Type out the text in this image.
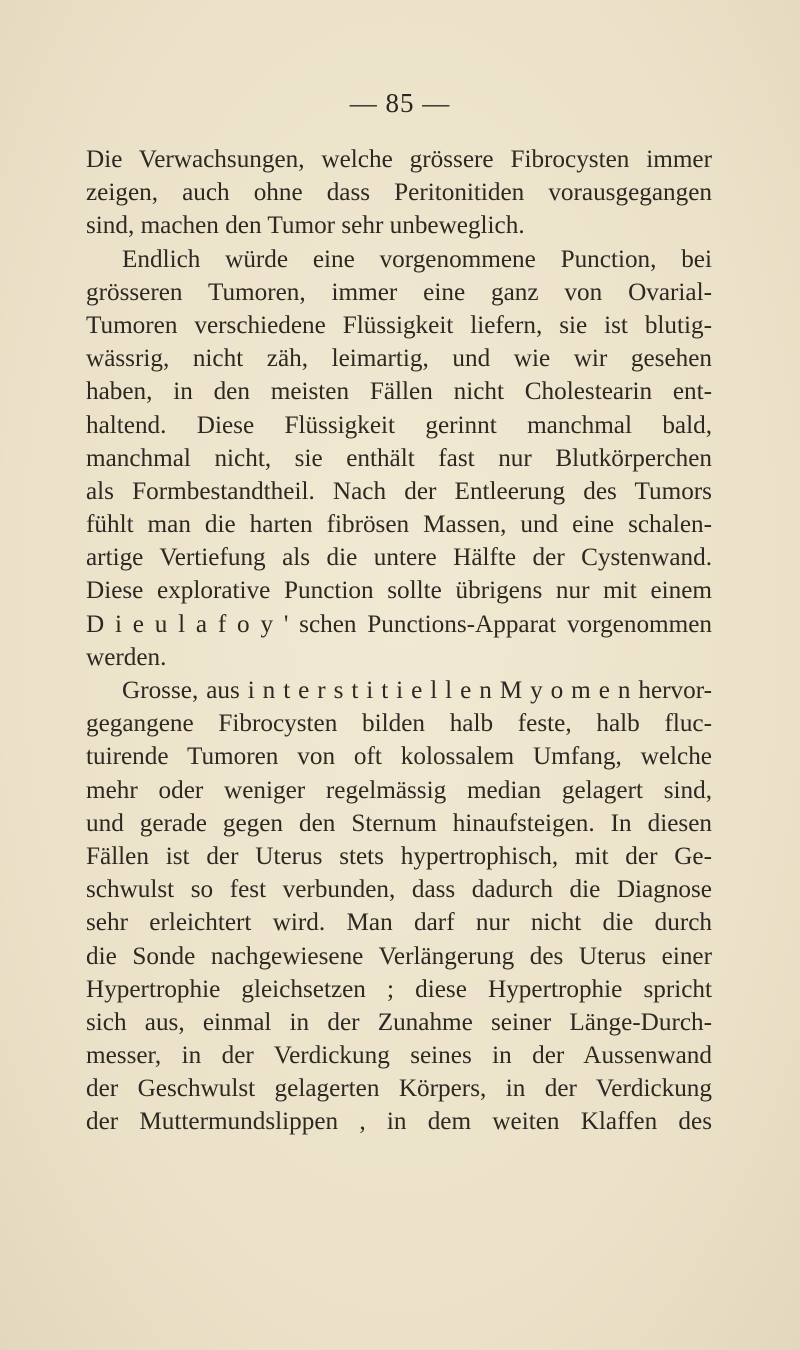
— 85 —
Die Verwachsungen, welche grössere Fibrocysten immer
zeigen, auch ohne dass Peritonitiden vorausgegangen
sind, machen den Tumor sehr unbeweglich.
Endlich würde eine vorgenommene Punction, bei
grösseren Tumoren, immer eine ganz von Ovarial-
Tumoren verschiedene Flüssigkeit liefern, sie ist blutig-
wässrig, nicht zäh, leimartig, und wie wir gesehen
haben, in den meisten Fällen nicht Cholestearin ent-
haltend. Diese Flüssigkeit gerinnt manchmal bald,
manchmal nicht, sie enthält fast nur Blutkörperchen
als Formbestandtheil. Nach der Entleerung des Tumors
fühlt man die harten fibrösen Massen, und eine schalen-
artige Vertiefung als die untere Hälfte der Cystenwand.
Diese explorative Punction sollte übrigens nur mit einem
D i e u l a f o y ' schen Punctions-Apparat vorgenommen
werden.
Grosse, aus i n t e r s t i t i e l l e n M y o m e n hervor-
gegangene Fibrocysten bilden halb feste, halb fluc-
tuirende Tumoren von oft kolossalem Umfang, welche
mehr oder weniger regelmässig median gelagert sind,
und gerade gegen den Sternum hinaufsteigen. In diesen
Fällen ist der Uterus stets hypertrophisch, mit der Ge-
schwulst so fest verbunden, dass dadurch die Diagnose
sehr erleichtert wird. Man darf nur nicht die durch
die Sonde nachgewiesene Verlängerung des Uterus einer
Hypertrophie gleichsetzen ; diese Hypertrophie spricht
sich aus, einmal in der Zunahme seiner Länge-Durch-
messer, in der Verdickung seines in der Aussenwand
der Geschwulst gelagerten Körpers, in der Verdickung
der Muttermundslippen , in dem weiten Klaffen des
